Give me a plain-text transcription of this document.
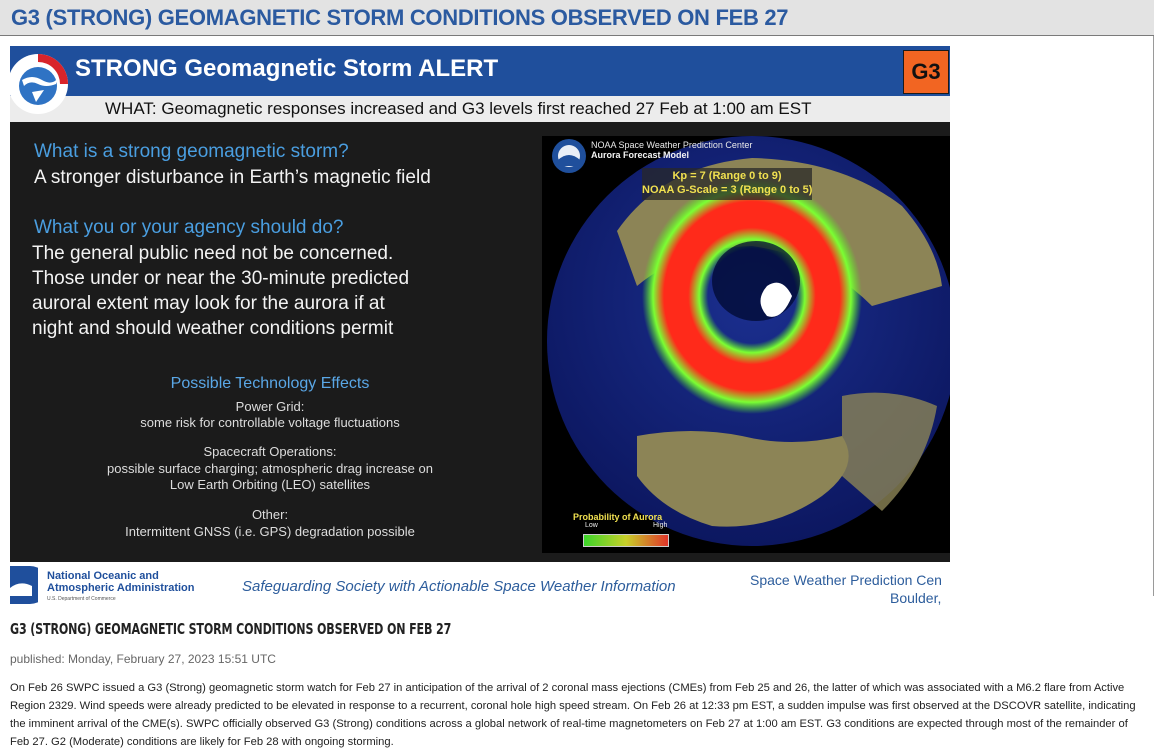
G3 (STRONG) GEOMAGNETIC STORM CONDITIONS OBSERVED ON FEB 27
STRONG Geomagnetic Storm ALERT	G3
WHAT: Geomagnetic responses increased and G3 levels first reached 27 Feb at 1:00 am EST
What is a strong geomagnetic storm?
A stronger disturbance in Earth’s magnetic field
What you or your agency should do?
The general public need not be concerned.
Those under or near the 30-minute predicted
auroral extent may look for the aurora if at
night and should weather conditions permit
Possible Technology Effects
Power Grid:
some risk for controllable voltage fluctuations
Spacecraft Operations:
possible surface charging; atmospheric drag increase on
Low Earth Orbiting (LEO) satellites
Other:
Intermittent GNSS (i.e. GPS) degradation possible
NOAA Space Weather Prediction Center
Aurora Forecast Model
Kp = 7 (Range 0 to 9)
NOAA G-Scale = 3 (Range 0 to 5)
Probability of Aurora
Low	High
National Oceanic and
Atmospheric Administration
U.S. Department of Commerce
Safeguarding Society with Actionable Space Weather Information	Space Weather Prediction Cen
Boulder,
G3 (STRONG) GEOMAGNETIC STORM CONDITIONS OBSERVED ON FEB 27
published: Monday, February 27, 2023 15:51 UTC

On Feb 26 SWPC issued a G3 (Strong) geomagnetic storm watch for Feb 27 in anticipation of the arrival of 2 coronal mass ejections (CMEs) from Feb 25 and 26, the latter of which was associated with a M6.2 flare from Active Region 2329. Wind speeds were already predicted to be elevated in response to a recurrent, coronal hole high speed stream. On Feb 26 at 12:33 pm EST, a sudden impulse was first observed at the DSCOVR satellite, indicating the imminent arrival of the CME(s). SWPC officially observed G3 (Strong) conditions across a global network of real-time magnetometers on Feb 27 at 1:00 am EST. G3 conditions are expected through most of the remainder of Feb 27. G2 (Moderate) conditions are likely for Feb 28 with ongoing storming.
